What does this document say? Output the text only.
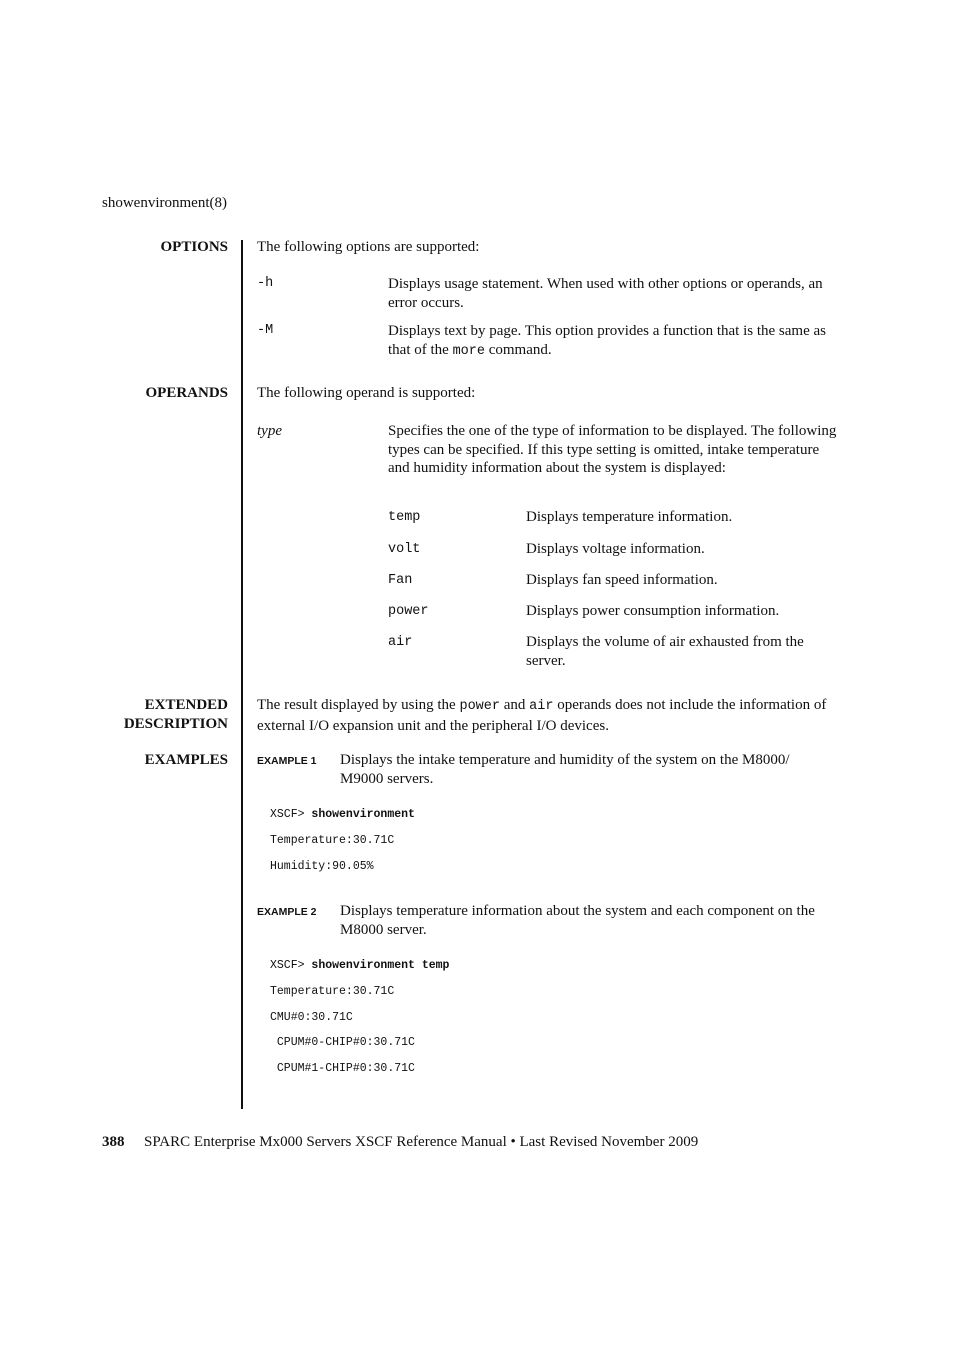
showenvironment(8)
OPTIONS The following options are supported:
-h	Displays usage statement. When used with other options or operands, an error occurs.
-M	Displays text by page. This option provides a function that is the same as that of the more command.
OPERANDS The following operand is supported:
type	Specifies the one of the type of information to be displayed. The following types can be specified. If this type setting is omitted, intake temperature and humidity information about the system is displayed:
temp	Displays temperature information.
volt	Displays voltage information.
Fan	Displays fan speed information.
power	Displays power consumption information.
air	Displays the volume of air exhausted from the server.
EXTENDED
DESCRIPTION
The result displayed by using the power and air operands does not include the information of external I/O expansion unit and the peripheral I/O devices.
EXAMPLES	EXAMPLE 1 Displays the intake temperature and humidity of the system on the M8000/ M9000 servers.
XSCF> showenvironment
Temperature:30.71C
Humidity:90.05%
EXAMPLE 2 Displays temperature information about the system and each component on the M8000 server.
XSCF> showenvironment temp
Temperature:30.71C
CMU#0:30.71C
CPUM#0-CHIP#0:30.71C
CPUM#1-CHIP#0:30.71C
388 SPARC Enterprise Mx000 Servers XSCF Reference Manual • Last Revised November 2009
